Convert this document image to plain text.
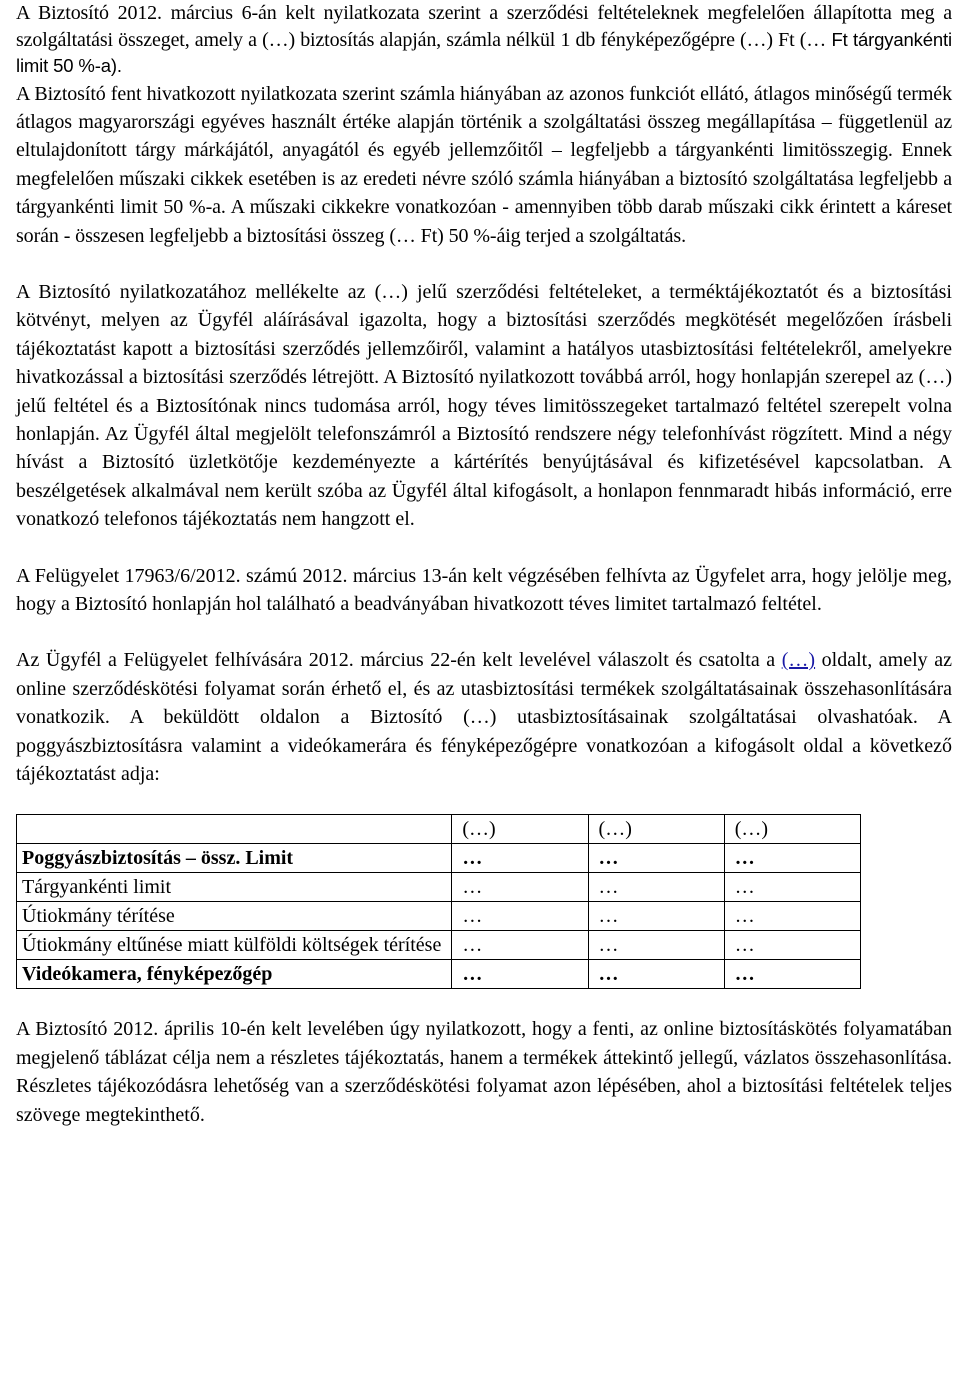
A Biztosító 2012. március 6-án kelt nyilatkozata szerint a szerződési feltételeknek megfelelően állapította meg a szolgáltatási összeget, amely a (…) biztosítás alapján, számla nélkül 1 db fényképezőgépre (…) Ft (… Ft tárgyankénti limit 50 %-a).

A Biztosító fent hivatkozott nyilatkozata szerint számla hiányában az azonos funkciót ellátó, átlagos minőségű termék átlagos magyarországi egyéves használt értéke alapján történik a szolgáltatási összeg megállapítása – függetlenül az eltulajdonított tárgy márkájától, anyagától és egyéb jellemzőitől – legfeljebb a tárgyankénti limitösszegig. Ennek megfelelően műszaki cikkek esetében is az eredeti névre szóló számla hiányában a biztosító szolgáltatása legfeljebb a tárgyankénti limit 50 %-a. A műszaki cikkekre vonatkozóan - amennyiben több darab műszaki cikk érintett a káreset során - összesen legfeljebb a biztosítási összeg (… Ft) 50 %-áig terjed a szolgáltatás.

A Biztosító nyilatkozatához mellékelte az (…) jelű szerződési feltételeket, a terméktájékoztatót és a biztosítási kötvényt, melyen az Ügyfél aláírásával igazolta, hogy a biztosítási szerződés megkötését megelőzően írásbeli tájékoztatást kapott a biztosítási szerződés jellemzőiről, valamint a hatályos utasbiztosítási feltételekről, amelyekre hivatkozással a biztosítási szerződés létrejött. A Biztosító nyilatkozott továbbá arról, hogy honlapján szerepel az (…) jelű feltétel és a Biztosítónak nincs tudomása arról, hogy téves limitösszegeket tartalmazó feltétel szerepelt volna honlapján. Az Ügyfél által megjelölt telefonszámról a Biztosító rendszere négy telefonhívást rögzített. Mind a négy hívást a Biztosító üzletkötője kezdeményezte a kártérítés benyújtásával és kifizetésével kapcsolatban. A beszélgetések alkalmával nem került szóba az Ügyfél által kifogásolt, a honlapon fennmaradt hibás információ, erre vonatkozó telefonos tájékoztatás nem hangzott el.

A Felügyelet 17963/6/2012. számú 2012. március 13-án kelt végzésében felhívta az Ügyfelet arra, hogy jelölje meg, hogy a Biztosító honlapján hol található a beadványában hivatkozott téves limitet tartalmazó feltétel.

Az Ügyfél a Felügyelet felhívására 2012. március 22-én kelt levelével válaszolt és csatolta a (…) oldalt, amely az online szerződéskötési folyamat során érhető el, és az utasbiztosítási termékek szolgáltatásainak összehasonlítására vonatkozik. A beküldött oldalon a Biztosító (…) utasbiztosításainak szolgáltatásai olvashatóak. A poggyászbiztosításra valamint a videókamerára és fényképezőgépre vonatkozóan a kifogásolt oldal a következő tájékoztatást adja:

	(…)	(…)	(…)
Poggyászbiztosítás – össz. Limit	…	…	…
Tárgyankénti limit	…	…	…
Útiokmány térítése	…	…	…
Útiokmány eltűnése miatt külföldi költségek térítése	…	…	…
Videókamera, fényképezőgép	…	…	…

A Biztosító 2012. április 10-én kelt levelében úgy nyilatkozott, hogy a fenti, az online biztosításkötés folyamatában megjelenő táblázat célja nem a részletes tájékoztatás, hanem a termékek áttekintő jellegű, vázlatos összehasonlítása. Részletes tájékozódásra lehetőség van a szerződéskötési folyamat azon lépésében, ahol a biztosítási feltételek teljes szövege megtekinthető.
